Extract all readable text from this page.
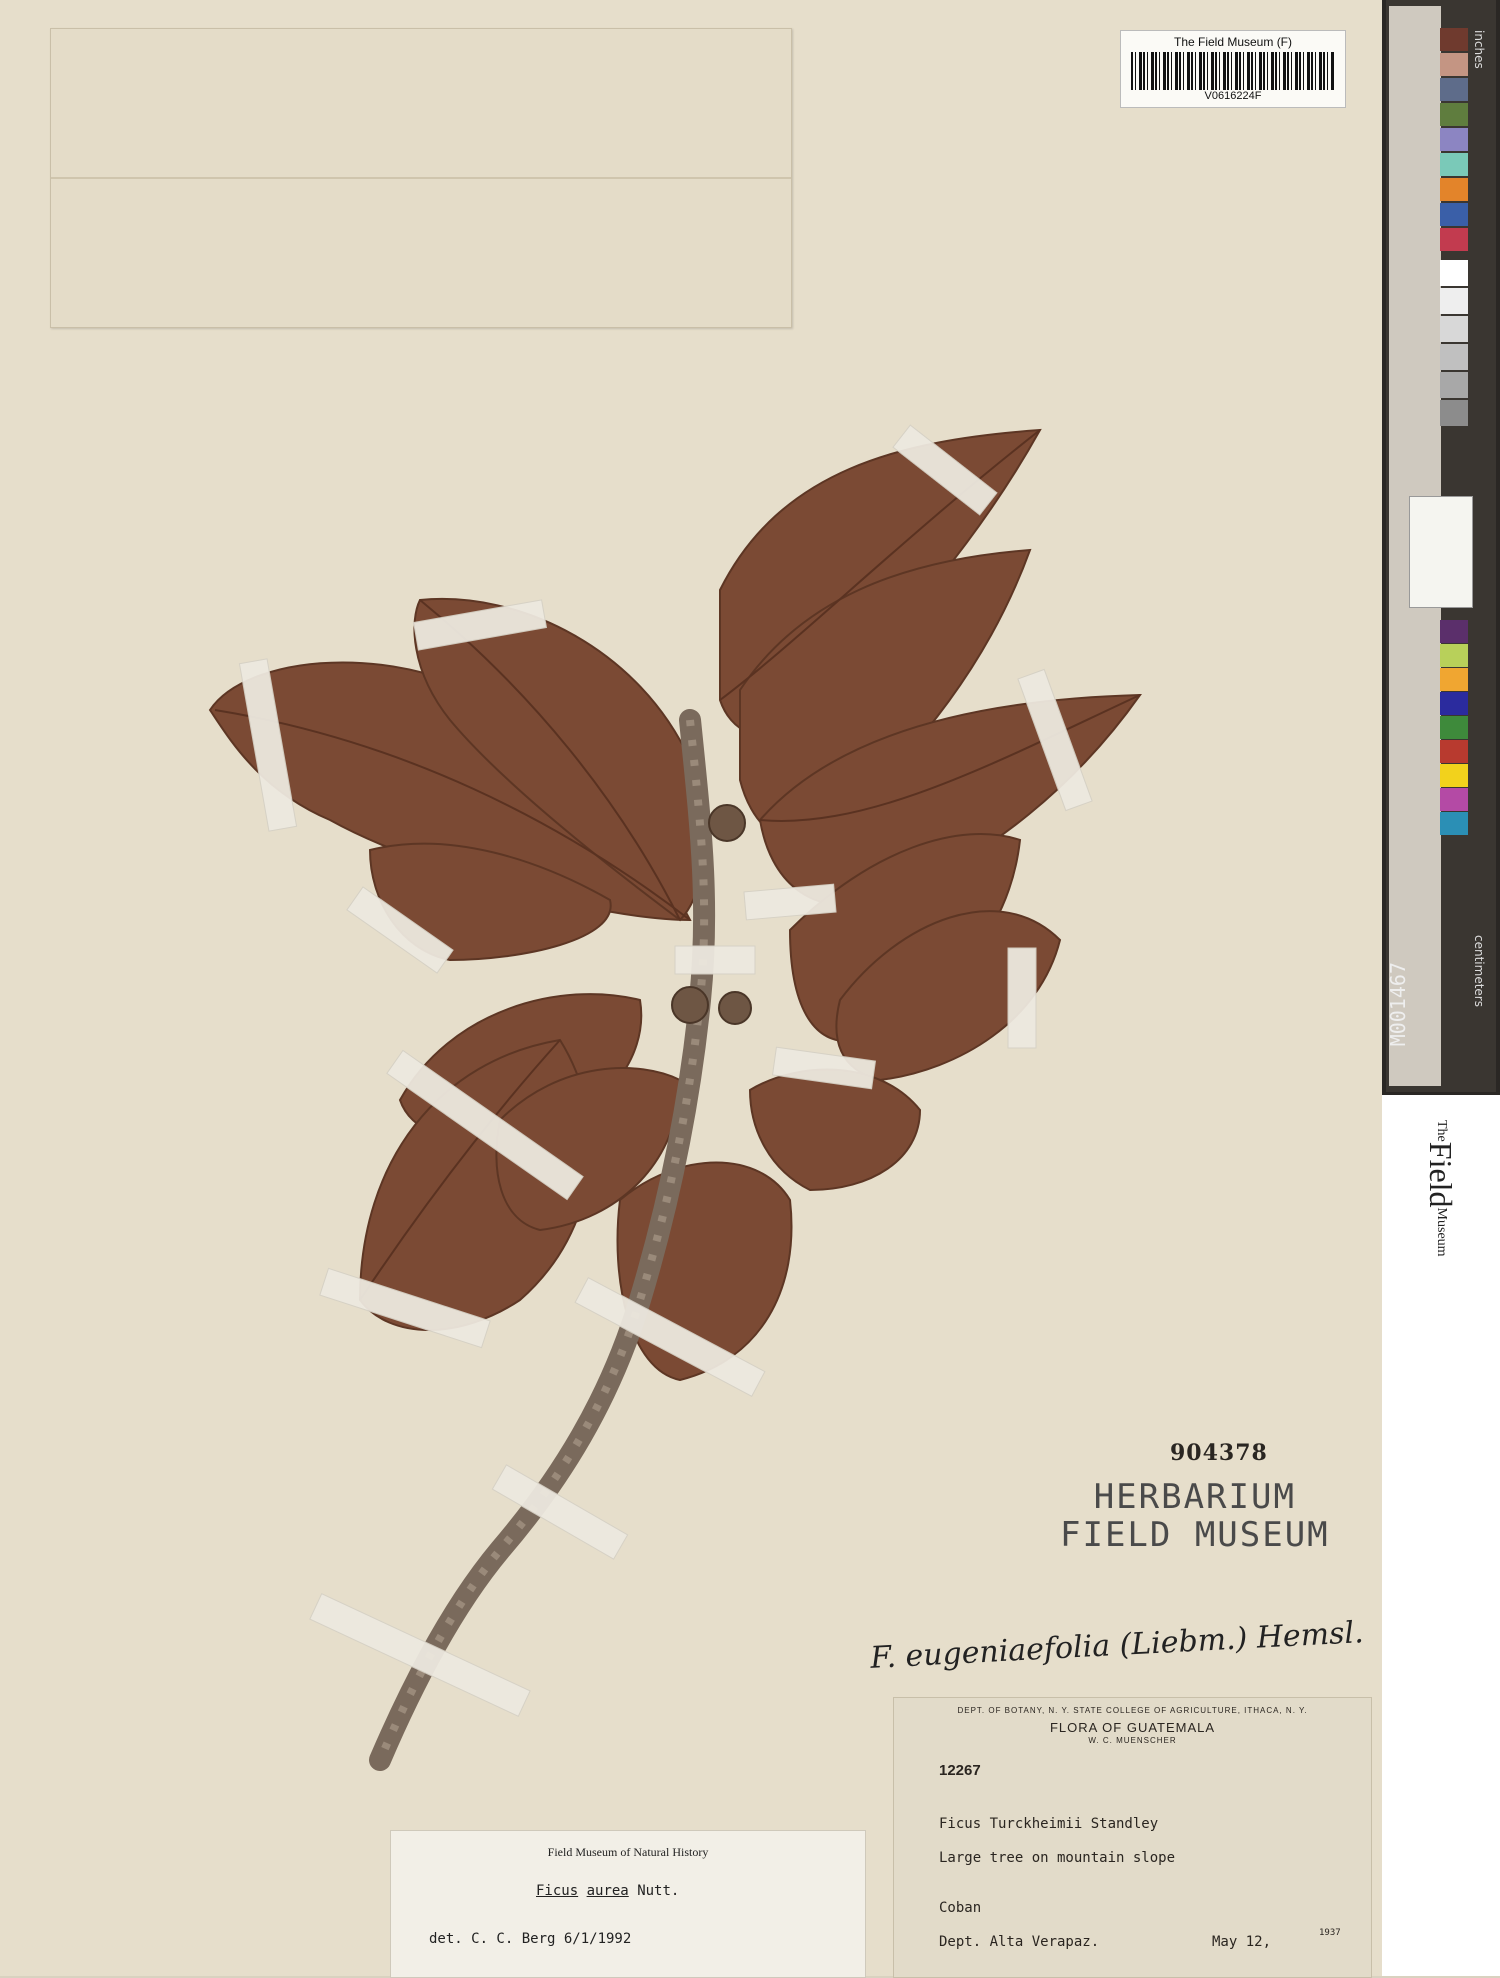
The Field Museum (F)
V0616224F
inches
centimeters
M001467
TheFieldMuseum
904378
HERBARIUM
FIELD MUSEUM
F. eugeniaefolia (Liebm.) Hemsl.
DEPT. OF BOTANY, N. Y. STATE COLLEGE OF AGRICULTURE, ITHACA, N. Y.
FLORA OF GUATEMALA
W. C. MUENSCHER
12267
Ficus Turckheimii Standley
Large tree on mountain slope
Coban
Dept. Alta Verapaz.	May 12,
1937
Field Museum of Natural History
Ficus aurea Nutt.
det. C. C. Berg 6/1/1992
